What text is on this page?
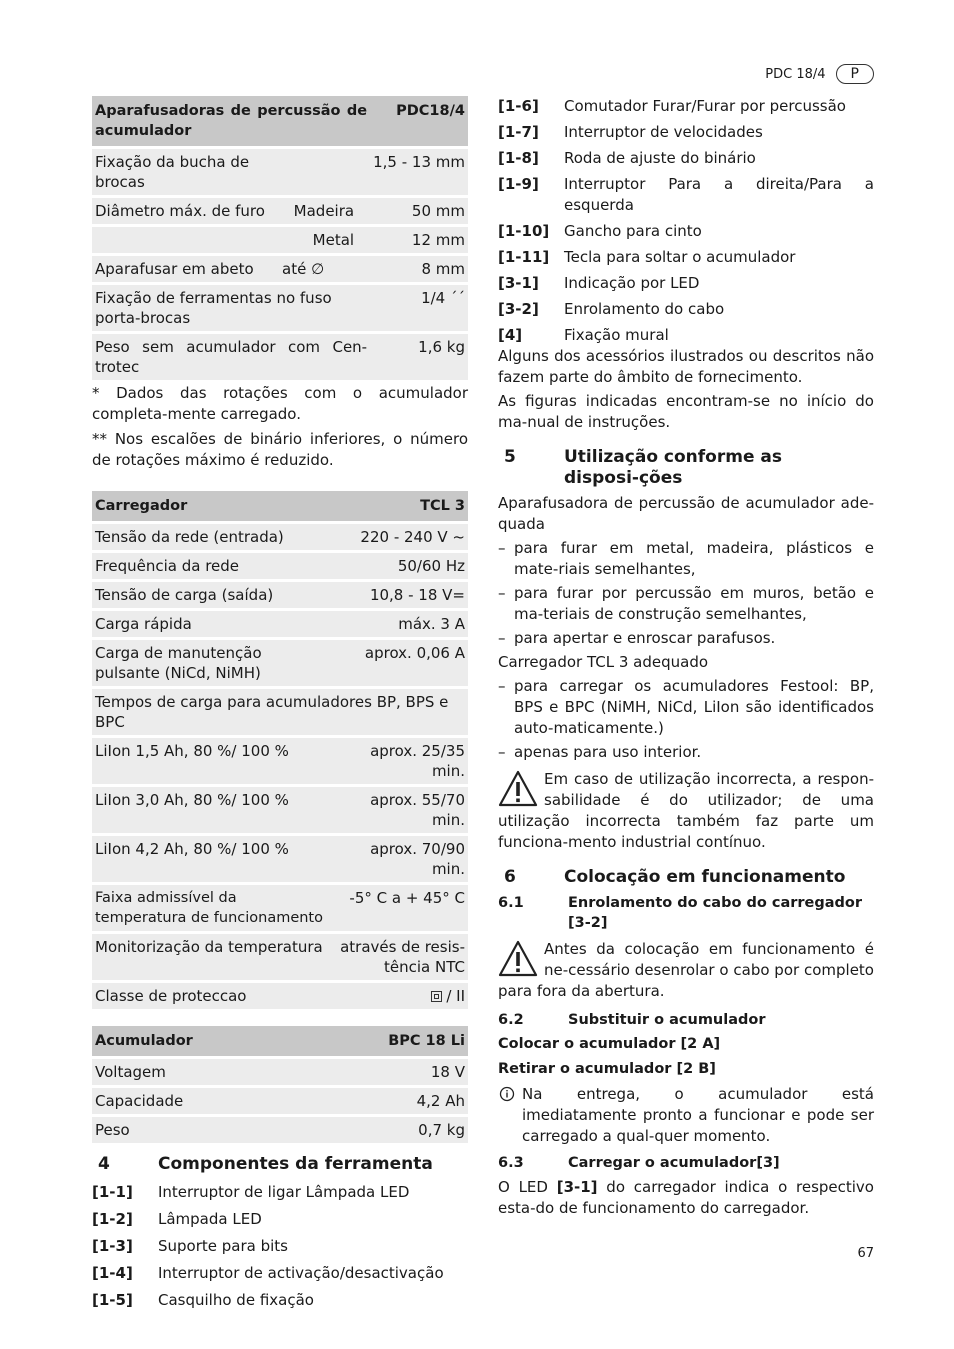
PDC 18/4	P
Aparafusadoras de percussão de acumulador		PDC18/4
Fixação da bucha de brocas		1,5 - 13 mm
Diâmetro máx. de furo	Madeira	50 mm
	Metal	12 mm
Aparafusar em abeto	até ∅	8 mm
Fixação de ferramentas no fuso porta-brocas		1/4 ´´
Peso sem acumulador com Cen-trotec		1,6 kg

* Dados das rotações com o acumulador completa-mente carregado.

** Nos escalões de binário inferiores, o número de rotações máximo é reduzido.

Carregador	TCL 3
Tensão da rede (entrada)	220 - 240 V ~
Frequência da rede	50/60 Hz
Tensão de carga (saída)	10,8 - 18 V=
Carga rápida	máx. 3 A
Carga de manutenção pulsante (NiCd, NiMH)	aprox. 0,06 A
Tempos de carga para acumuladores BP, BPS e BPC	
LiIon 1,5 Ah, 80 %/ 100 %	aprox. 25/35 min.
LiIon 3,0 Ah, 80 %/ 100 %	aprox. 55/70 min.
LiIon 4,2 Ah, 80 %/ 100 %	aprox. 70/90 min.
Faixa admissível da temperatura de funcionamento	-5° C a + 45° C
Monitorização da temperatura	através de resis-tência NTC
Classe de proteccao	/ II
Acumulador	BPC 18 Li
Voltagem	18 V
Capacidade	4,2 Ah
Peso	0,7 kg
4	Componentes da ferramenta
[1-1]	Interruptor de ligar Lâmpada LED
[1-2]	Lâmpada LED
[1-3]	Suporte para bits
[1-4]	Interruptor de activação/desactivação
[1-5]	Casquilho de fixação
[1-6]	Comutador Furar/Furar por percussão
[1-7]	Interruptor de velocidades
[1-8]	Roda de ajuste do binário
[1-9]	Interruptor Para a direita/Para a esquerda
[1-10] Gancho para cinto
[1-11] Tecla para soltar o acumulador
[3-1]	Indicação por LED
[3-2]	Enrolamento do cabo
[4]	Fixação mural

Alguns dos acessórios ilustrados ou descritos não fazem parte do âmbito de fornecimento.

As figuras indicadas encontram-se no início do ma-nual de instruções.

5	Utilização conforme as disposi-ções

Aparafusadora de percussão de acumulador ade-quada

– para furar em metal, madeira, plásticos e mate-riais semelhantes,
– para furar por percussão em muros, betão e ma-teriais de construção semelhantes,
– para apertar e enroscar parafusos.

Carregador TCL 3 adequado

– para carregar os acumuladores Festool: BP, BPS e BPC (NiMH, NiCd, LiIon são identificados auto-maticamente.)
– apenas para uso interior.
Em caso de utilização incorrecta, a respon-sabilidade é do utilizador; de uma utilização incorrecta também faz parte um funciona-mento industrial contínuo.
6	Colocação em funcionamento
6.1	Enrolamento do cabo do carregador [3-2]
Antes da colocação em funcionamento é ne-cessário desenrolar o cabo por completo para fora da abertura.
6.2	Substituir o acumulador
Colocar o acumulador [2 A]
Retirar o acumulador [2 B]
Na entrega, o acumulador está imediatamente pronto a funcionar e pode ser carregado a qual-quer momento.
6.3	Carregar o acumulador[3]

O LED [3-1] do carregador indica o respectivo esta-do de funcionamento do carregador.

67
